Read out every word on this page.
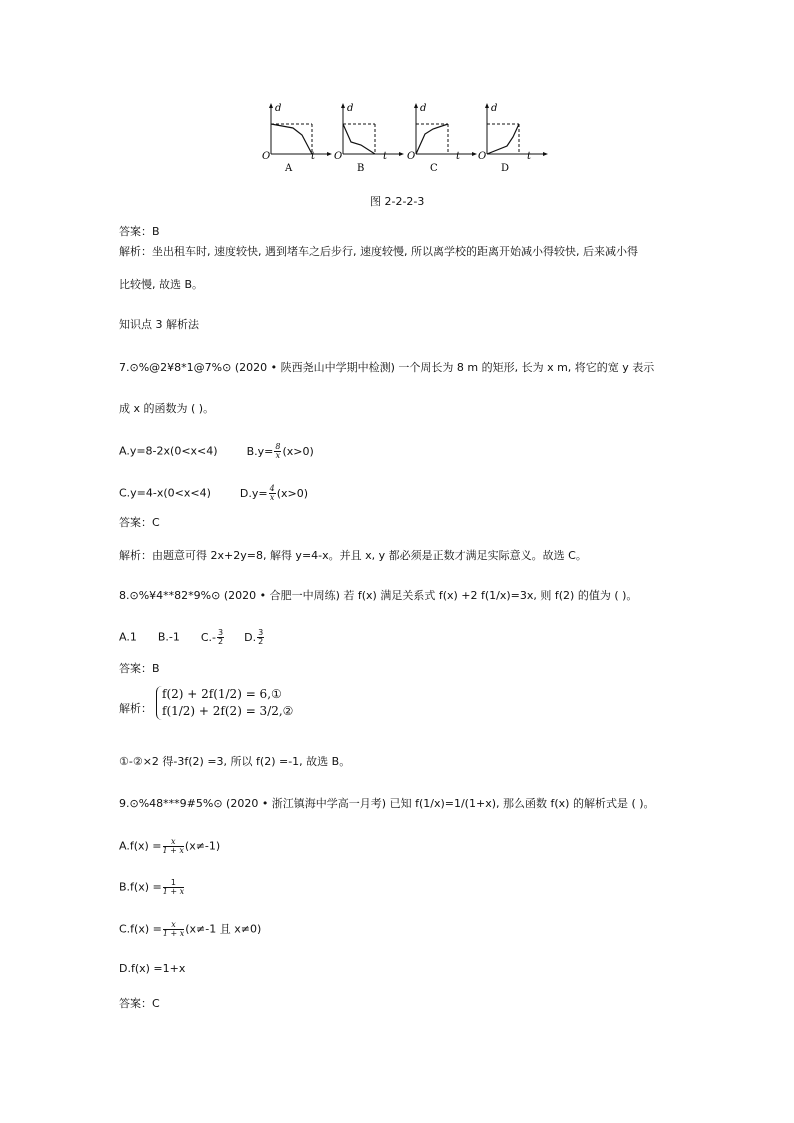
d
t
O
A
d
t
O
B
d
t
O
C
d
t
O
D
图 2-2-2-3
答案：B
解析：坐出租车时, 速度较快, 遇到堵车之后步行, 速度较慢, 所以离学校的距离开始减小得较快, 后来减小得
比较慢, 故选 B。
知识点 3 解析法
7.⊙%@2¥8*1@7%⊙ (2020 • 陕西尧山中学期中检测) 一个周长为 8 m 的矩形, 长为 x m, 将它的宽 y 表示
成 x 的函数为 ( )。
A.y=8-2x(0<x<4)	$B.y= \frac{8}{x} (x>0)$
C.y=4-x(0<x<4)	$D.y= \frac{4}{x} (x>0)$
答案：C
解析：由题意可得 2x+2y=8, 解得 y=4-x。并且 x, y 都必须是正数才满足实际意义。故选 C。
8.⊙%¥4**82*9%⊙ (2020 • 合肥一中周练) 若 f(x) 满足关系式 f(x) +2 f(1/x)=3x, 则 f(2) 的值为 ( )。
A.1 B.-1 $C.- \frac{3}{2} D$. $\frac{3}{2}$
答案：B
解析：
f(2) + 2f(1/2) = 6,①
f(1/2) + 2f(2) = 3/2,②
①-②×2 得-3f(2) =3, 所以 f(2) =-1, 故选 B。
9.⊙%48***9#5%⊙ (2020 • 浙江镇海中学高一月考) 已知 f(1/x)=1/(1+x), 那么函数 f(x) 的解析式是 ( )。
$A.f(x) = \frac{x}{1 + x} (x\ne-1)$
$B.f(x) = \frac{1}{1 + x}$
$C.f(x) = \frac{x}{1 + x} (x\ne-1$ 且 x≠0)
D.f(x) =1+x
答案：C
